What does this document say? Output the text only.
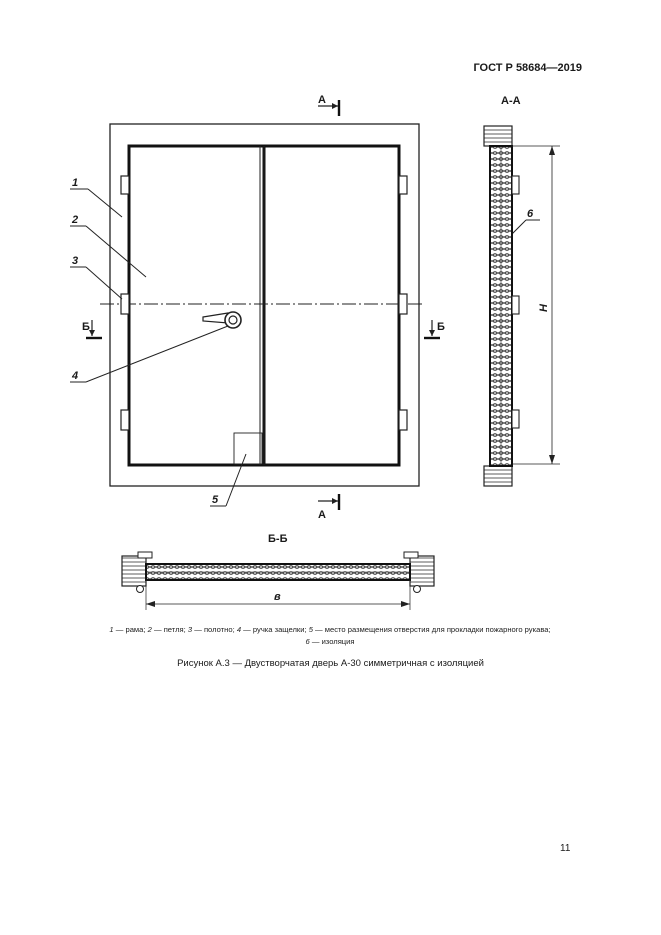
ГОСТ Р 58684—2019
А
А
Б	Б
1
2
3
4
5
6
А-А
H
Б-Б
в
1 — рама; 2 — петля; 3 — полотно; 4 — ручка защелки; 5 — место размещения отверстия для прокладки пожарного рукава;
6 — изоляция
Рисунок А.3 — Двустворчатая дверь А-30 симметричная с изоляцией
11
